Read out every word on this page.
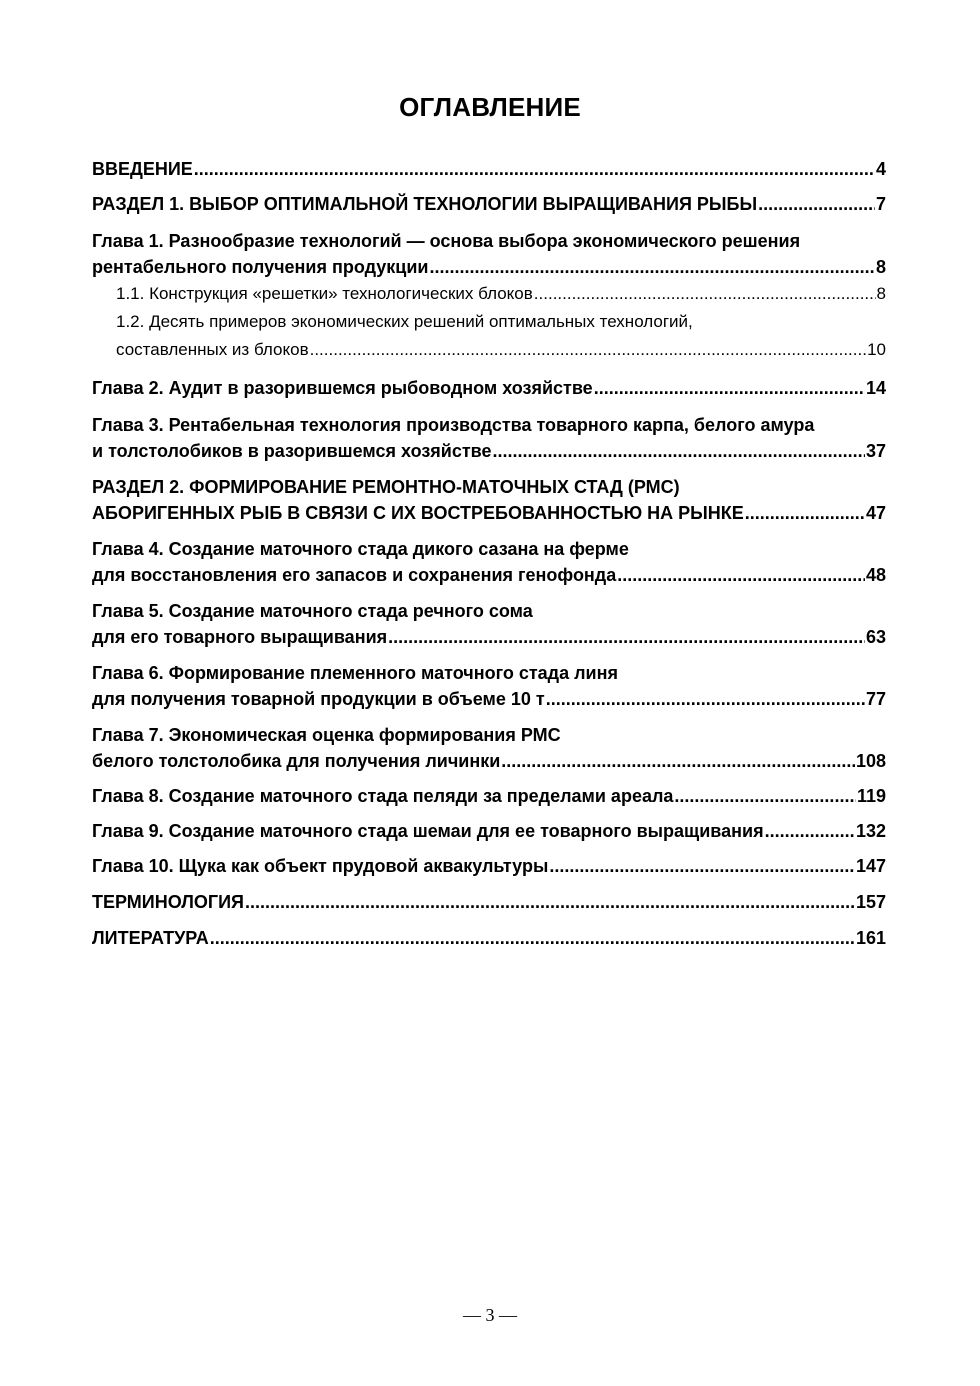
ОГЛАВЛЕНИЕ
ВВЕДЕНИЕ .....	4
РАЗДЕЛ 1. ВЫБОР ОПТИМАЛЬНОЙ ТЕХНОЛОГИИ ВЫРАЩИВАНИЯ РЫБЫ .....	7
Глава 1. Разнообразие технологий — основа выбора экономического решения
рентабельного получения продукции .....	8
1.1. Конструкция «решетки» технологических блоков .....	8
1.2. Десять примеров экономических решений оптимальных технологий,
составленных из блоков .....	10
Глава 2. Аудит в разорившемся рыбоводном хозяйстве .....	14
Глава 3. Рентабельная технология производства товарного карпа, белого амура
и толстолобиков в разорившемся хозяйстве .....	37
РАЗДЕЛ 2. ФОРМИРОВАНИЕ РЕМОНТНО-МАТОЧНЫХ СТАД (РМС)
АБОРИГЕННЫХ РЫБ В СВЯЗИ С ИХ ВОСТРЕБОВАННОСТЬЮ НА РЫНКЕ .....	47
Глава 4. Создание маточного стада дикого сазана на ферме
для восстановления его запасов и сохранения генофонда .....	48
Глава 5. Создание маточного стада речного сома
для его товарного выращивания .....	63
Глава 6. Формирование племенного маточного стада линя
для получения товарной продукции в объеме 10 т .....	77
Глава 7. Экономическая оценка формирования РМС
белого толстолобика для получения личинки .....	108
Глава 8. Создание маточного стада пеляди за пределами ареала .....	119
Глава 9. Создание маточного стада шемаи для ее товарного выращивания .....	132
Глава 10. Щука как объект прудовой аквакультуры .....	147
ТЕРМИНОЛОГИЯ .....	157
ЛИТЕРАТУРА .....	161
— 3 —
